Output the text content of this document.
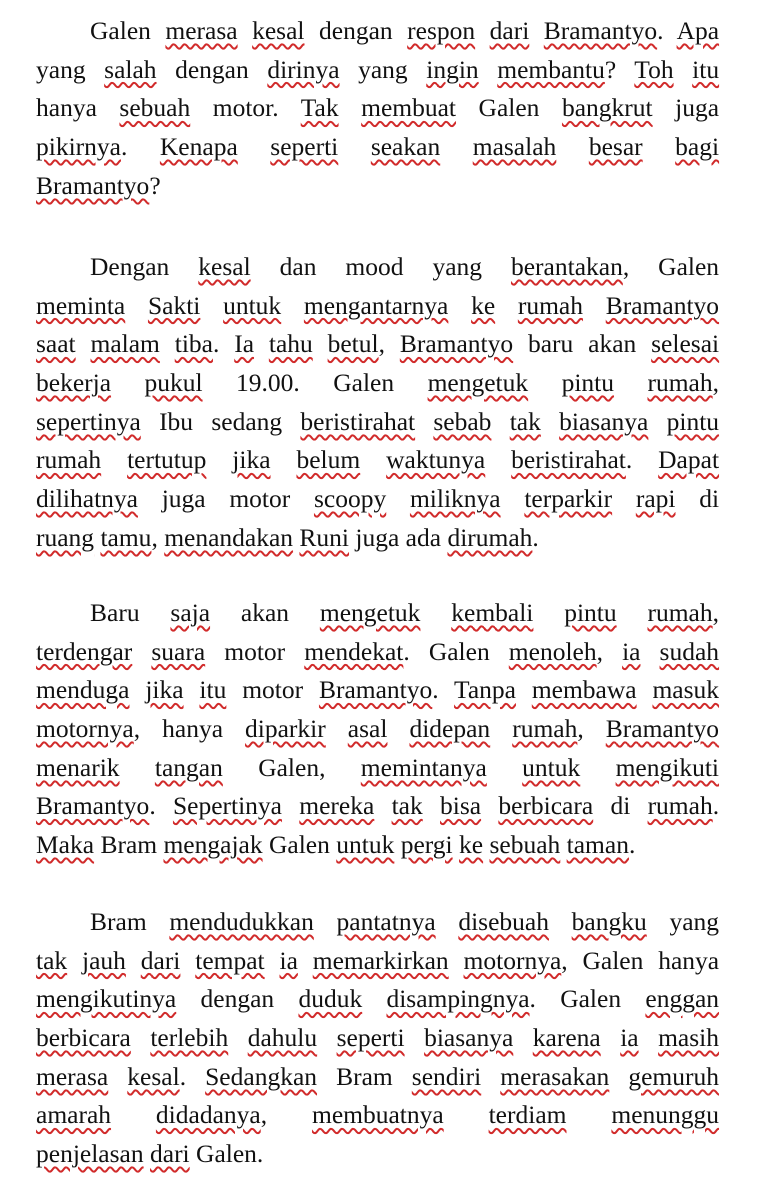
Galen merasa kesal dengan respon dari Bramantyo. Apa
yang salah dengan dirinya yang ingin membantu? Toh itu
hanya sebuah motor. Tak membuat Galen bangkrut juga
pikirnya. Kenapa seperti seakan masalah besar bagi
Bramantyo?
Dengan kesal dan mood yang berantakan, Galen
meminta Sakti untuk mengantarnya ke rumah Bramantyo
saat malam tiba. Ia tahu betul, Bramantyo baru akan selesai
bekerja pukul 19.00. Galen mengetuk pintu rumah,
sepertinya Ibu sedang beristirahat sebab tak biasanya pintu
rumah tertutup jika belum waktunya beristirahat. Dapat
dilihatnya juga motor scoopy miliknya terparkir rapi di
ruang tamu, menandakan Runi juga ada dirumah.
Baru saja akan mengetuk kembali pintu rumah,
terdengar suara motor mendekat. Galen menoleh, ia sudah
menduga jika itu motor Bramantyo. Tanpa membawa masuk
motornya, hanya diparkir asal didepan rumah, Bramantyo
menarik tangan Galen, memintanya untuk mengikuti
Bramantyo. Sepertinya mereka tak bisa berbicara di rumah.
Maka Bram mengajak Galen untuk pergi ke sebuah taman.
Bram mendudukkan pantatnya disebuah bangku yang
tak jauh dari tempat ia memarkirkan motornya, Galen hanya
mengikutinya dengan duduk disampingnya. Galen enggan
berbicara terlebih dahulu seperti biasanya karena ia masih
merasa kesal. Sedangkan Bram sendiri merasakan gemuruh
amarah didadanya, membuatnya terdiam menunggu
penjelasan dari Galen.
